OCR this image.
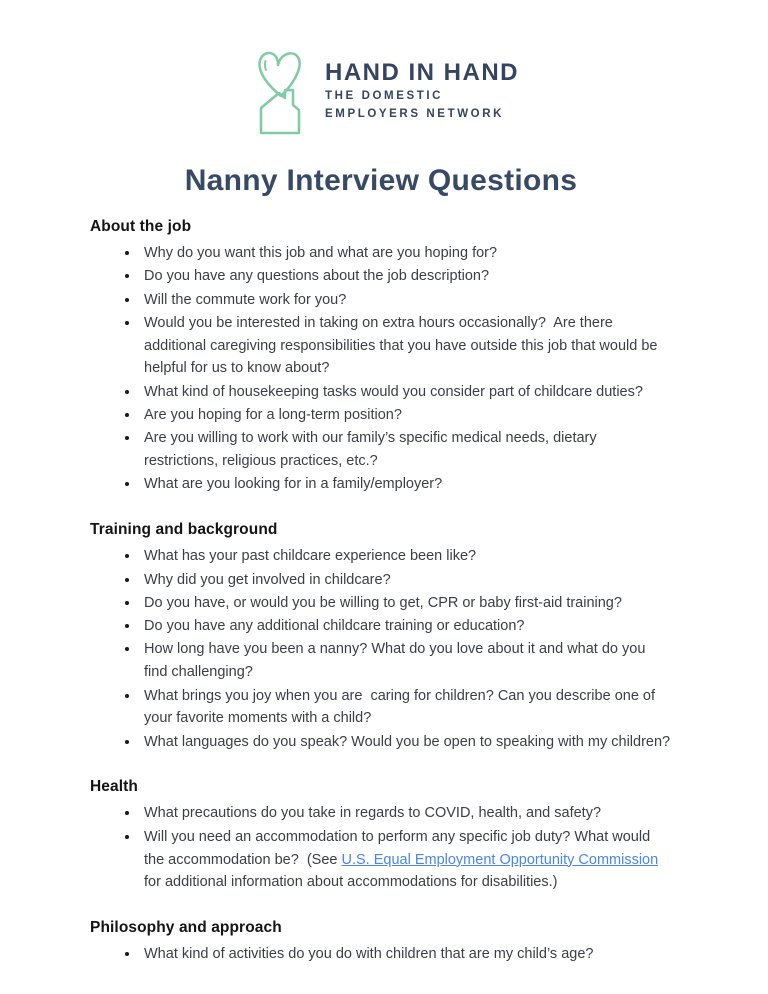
HAND IN HAND
THE DOMESTIC
EMPLOYERS NETWORK
Nanny Interview Questions
About the job
• Why do you want this job and what are you hoping for?
• Do you have any questions about the job description?
• Will the commute work for you?
• Would you be interested in taking on extra hours occasionally?  Are there additional caregiving responsibilities that you have outside this job that would be helpful for us to know about?
• What kind of housekeeping tasks would you consider part of childcare duties?
• Are you hoping for a long-term position?
• Are you willing to work with our family’s specific medical needs, dietary restrictions, religious practices, etc.?
• What are you looking for in a family/employer?
Training and background
• What has your past childcare experience been like?
• Why did you get involved in childcare?
• Do you have, or would you be willing to get, CPR or baby first-aid training?
• Do you have any additional childcare training or education?
• How long have you been a nanny? What do you love about it and what do you find challenging?
• What brings you joy when you are  caring for children? Can you describe one of your favorite moments with a child?
• What languages do you speak? Would you be open to speaking with my children?
Health
• What precautions do you take in regards to COVID, health, and safety?
• Will you need an accommodation to perform any specific job duty? What would the accommodation be?  (See U.S. Equal Employment Opportunity Commission for additional information about accommodations for disabilities.)
Philosophy and approach
• What kind of activities do you do with children that are my child’s age?
